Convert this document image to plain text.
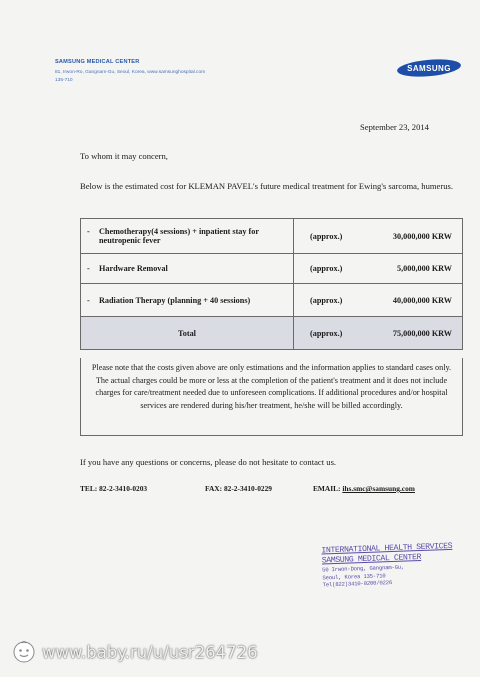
SAMSUNG MEDICAL CENTER
81, Irwon-Ro, Gangnam-Gu, Seoul, Korea, www.samsunghospital.com
135-710
SAMSUNG
September 23, 2014
To whom it may concern,
Below is the estimated cost for KLEMAN PAVEL's future medical treatment for Ewing's sarcoma, humerus.
- Chemotherapy(4 sessions) + inpatient stay for neutropenic fever	(approx.) 30,000,000 KRW

- Hardware Removal	(approx.) 5,000,000 KRW

- Radiation Therapy (planning + 40 sessions)	(approx.) 40,000,000 KRW
Total	(approx.) 75,000,000 KRW
Please note that the costs given above are only estimations and the information applies to standard cases only. The actual charges could be more or less at the completion of the patient's treatment and it does not include charges for care/treatment needed due to unforeseen complications. If additional procedures and/or hospital services are rendered during his/her treatment, he/she will be billed accordingly.
If you have any questions or concerns, please do not hesitate to contact us.
TEL: 82-2-3410-0203	FAX: 82-2-3410-0229	EMAIL: ihs.smc@samsung.com
INTERNATIONAL HEALTH SERVICES
SAMSUNG MEDICAL CENTER
50 Irwon-Dong, Gangnam-Gu,
Seoul, Korea 135-710
Tel(822)3410-0200/0226
www.baby.ru/u/usr264726
